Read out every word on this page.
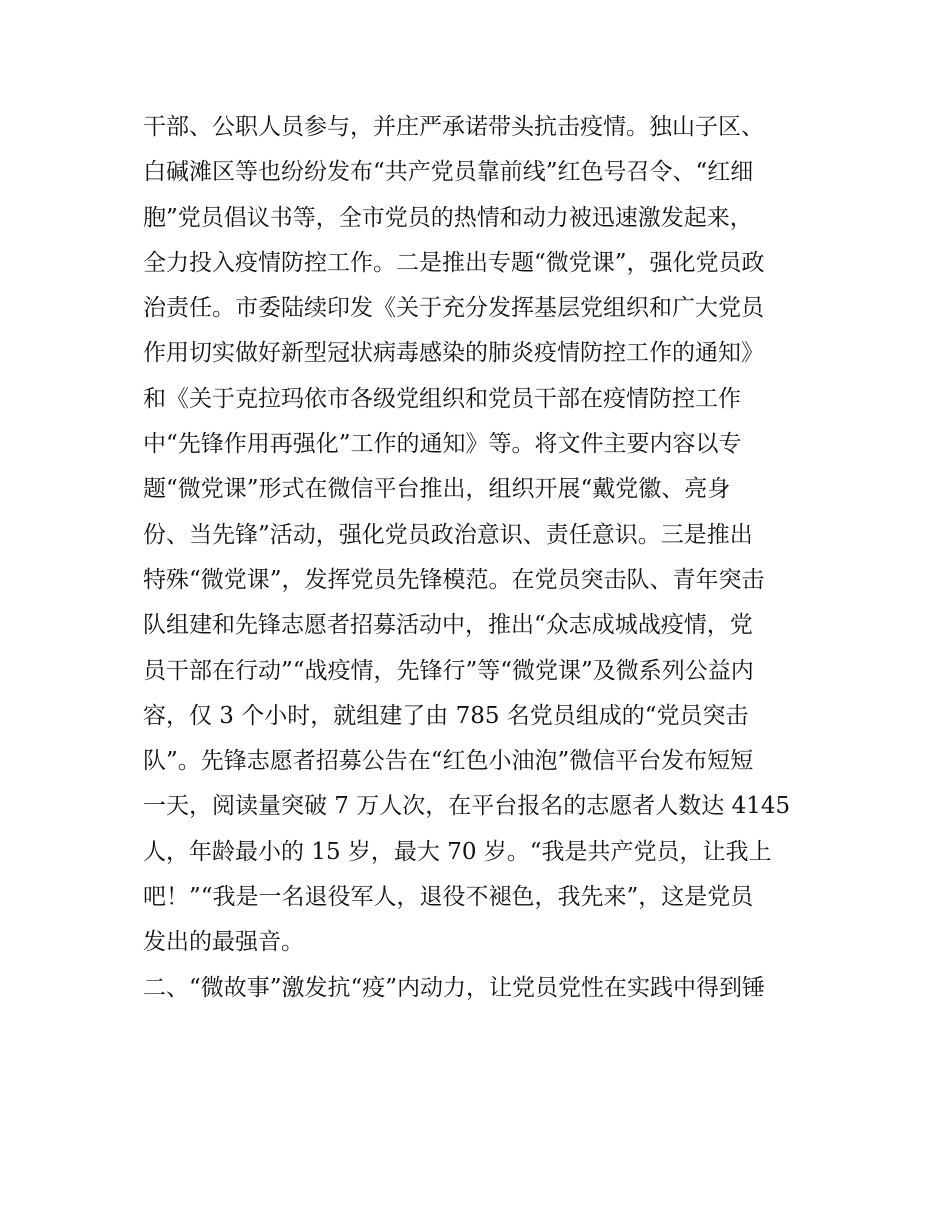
干部、公职人员参与，并庄严承诺带头抗击疫情。独山子区、
白碱滩区等也纷纷发布“共产党员靠前线”红色号召令、“红细
胞”党员倡议书等，全市党员的热情和动力被迅速激发起来，
全力投入疫情防控工作。二是推出专题“微党课”，强化党员政
治责任。市委陆续印发《关于充分发挥基层党组织和广大党员
作用切实做好新型冠状病毒感染的肺炎疫情防控工作的通知》
和《关于克拉玛依市各级党组织和党员干部在疫情防控工作
中“先锋作用再强化”工作的通知》等。将文件主要内容以专
题“微党课”形式在微信平台推出，组织开展“戴党徽、亮身
份、当先锋”活动，强化党员政治意识、责任意识。三是推出
特殊“微党课”，发挥党员先锋模范。在党员突击队、青年突击
队组建和先锋志愿者招募活动中，推出“众志成城战疫情，党
员干部在行动”“战疫情，先锋行”等“微党课”及微系列公益内
容，仅 3 个小时，就组建了由 785 名党员组成的“党员突击
队”。先锋志愿者招募公告在“红色小油泡”微信平台发布短短
一天，阅读量突破 7 万人次，在平台报名的志愿者人数达 4145
人，年龄最小的 15 岁，最大 70 岁。“我是共产党员，让我上
吧！”“我是一名退役军人，退役不褪色，我先来”，这是党员
发出的最强音。
二、“微故事”激发抗“疫”内动力，让党员党性在实践中得到锤
